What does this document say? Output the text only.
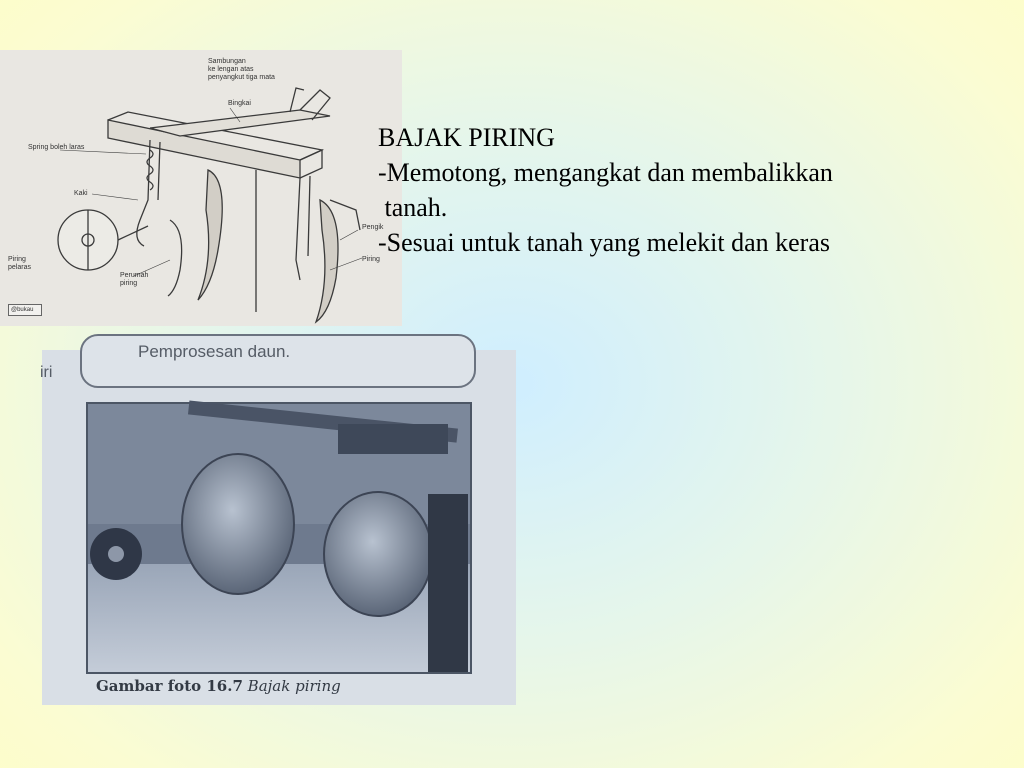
Sambungan
ke lengan atas
penyangkut tiga mata
Bingkai
Spring boleh laras
Kaki
Piring
pelaras
Perumah
piring
Pengik
Piring
@bukau
Pemprosesan daun.
iri
Gambar foto 16.7 Bajak piring
BAJAK PIRING
-Memotong, mengangkat dan membalikkan
tanah.
-Sesuai untuk tanah yang melekit dan keras
